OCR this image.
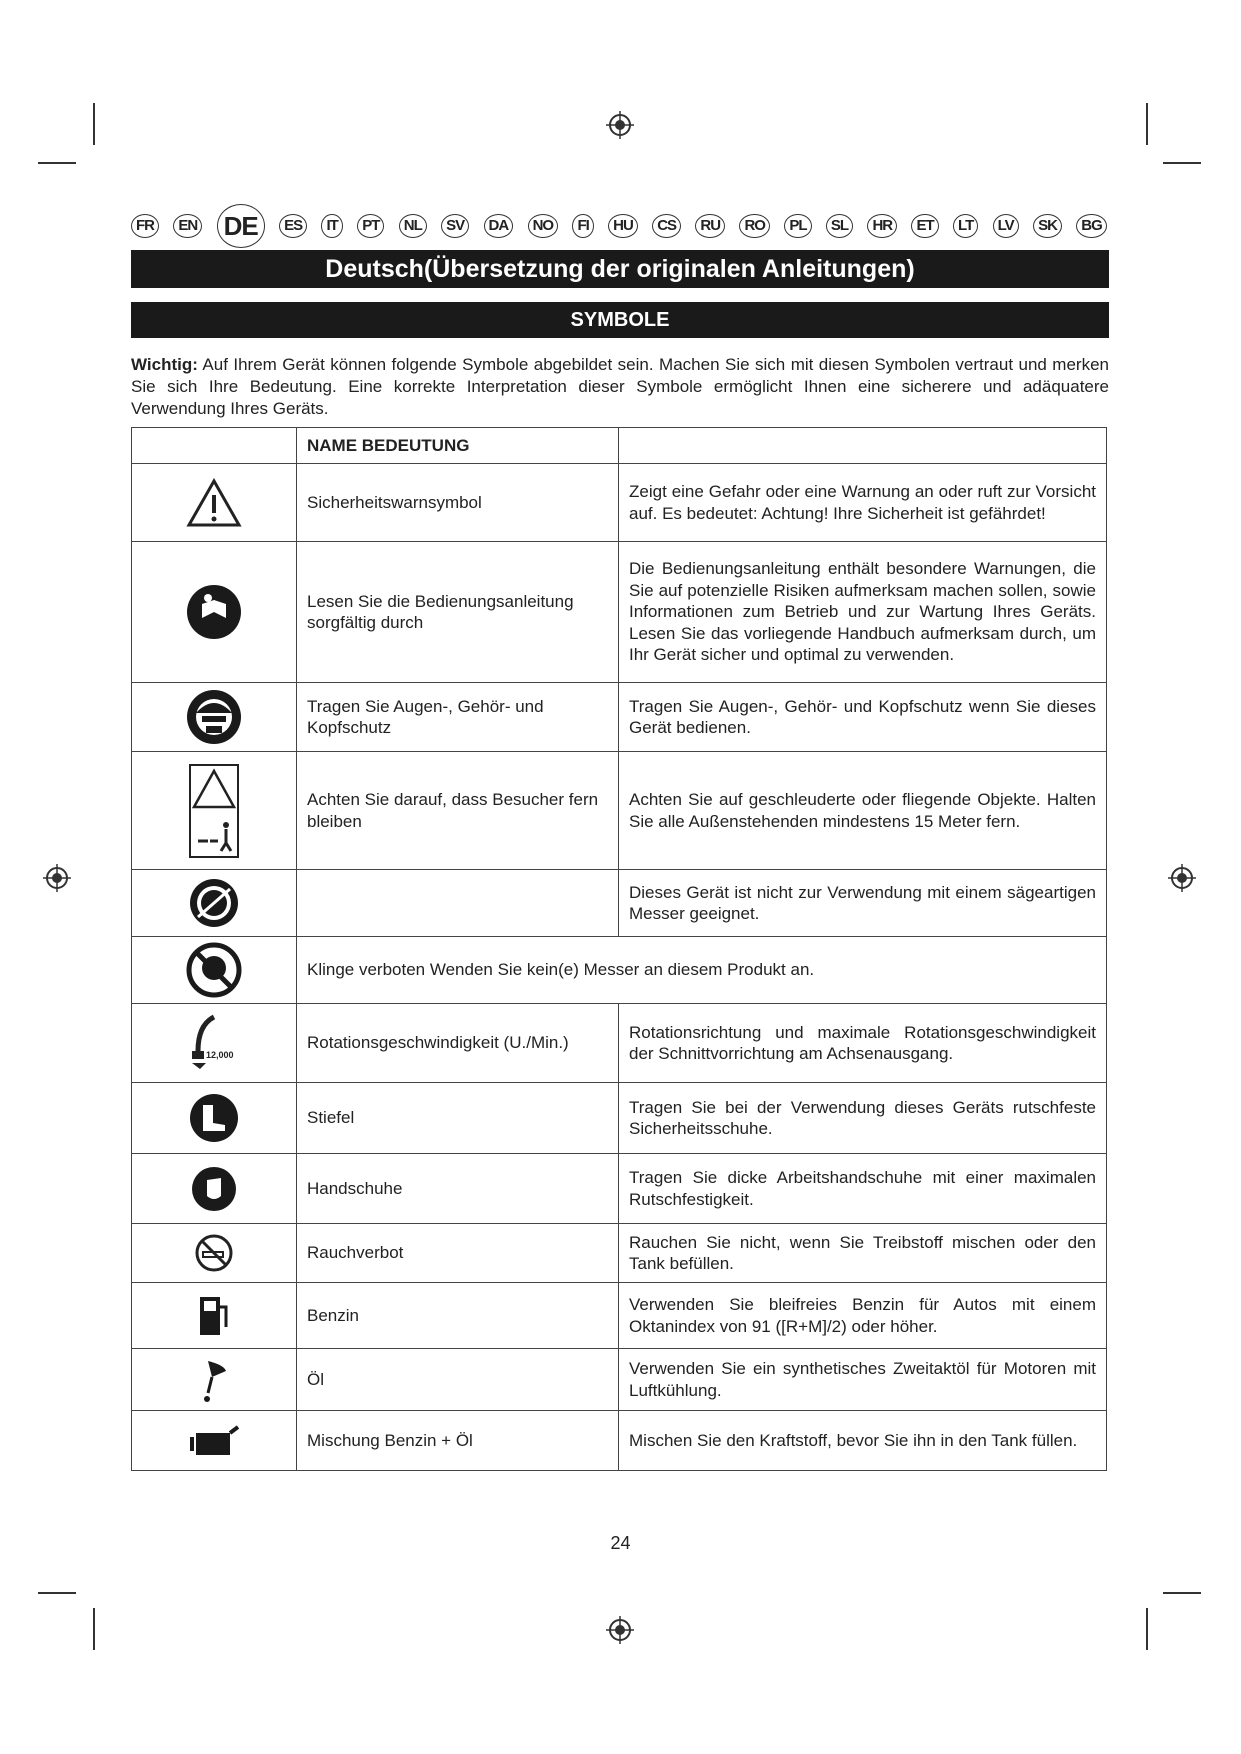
FR	EN DE	ES	IT	PT	NL	SV	DA	NO	FI	HU	CS	RU	RO	PL	SL	HR	ET	LT	LV	SK	BG
Deutsch(Übersetzung der originalen Anleitungen)
SYMBOLE

Wichtig: Auf Ihrem Gerät können folgende Symbole abgebildet sein. Machen Sie sich mit diesen Symbolen vertraut und merken Sie sich Ihre Bedeutung. Eine korrekte Interpretation dieser Symbole ermöglicht Ihnen eine sicherere und adäquatere Verwendung Ihres Geräts.

	NAME BEDEUTUNG	
	Sicherheitswarnsymbol	Zeigt eine Gefahr oder eine Warnung an oder ruft zur Vorsicht auf. Es bedeutet: Achtung! Ihre Sicherheit ist gefährdet!
	Lesen Sie die Bedienungsanleitung sorgfältig durch	Die Bedienungsanleitung enthält besondere Warnungen, die Sie auf potenzielle Risiken aufmerksam machen sollen, sowie Informationen zum Betrieb und zur Wartung Ihres Geräts. Lesen Sie das vorliegende Handbuch aufmerksam durch, um Ihr Gerät sicher und optimal zu verwenden.
	Tragen Sie Augen-, Gehör- und Kopfschutz	Tragen Sie Augen-, Gehör- und Kopfschutz wenn Sie dieses Gerät bedienen.
	Achten Sie darauf, dass Besucher fern bleiben	Achten Sie auf geschleuderte oder fliegende Objekte. Halten Sie alle Außenstehenden mindestens 15 Meter fern.
		Dieses Gerät ist nicht zur Verwendung mit einem sägeartigen Messer geeignet.
	Klinge verboten Wenden Sie kein(e) Messer an diesem Produkt an.	

12,000	Rotationsgeschwindigkeit (U./Min.)	Rotationsrichtung und maximale Rotationsgeschwindigkeit der Schnittvorrichtung am Achsenausgang.
	Stiefel	Tragen Sie bei der Verwendung dieses Geräts rutschfeste Sicherheitsschuhe.
	Handschuhe	Tragen Sie dicke Arbeitshandschuhe mit einer maximalen Rutschfestigkeit.
	Rauchverbot	Rauchen Sie nicht, wenn Sie Treibstoff mischen oder den Tank befüllen.
	Benzin	Verwenden Sie bleifreies Benzin für Autos mit einem Oktanindex von 91 ([R+M]/2) oder höher.
	Öl	Verwenden Sie ein synthetisches Zweitaktöl für Motoren mit Luftkühlung.
	Mischung Benzin + Öl	Mischen Sie den Kraftstoff, bevor Sie ihn in den Tank füllen.
24
